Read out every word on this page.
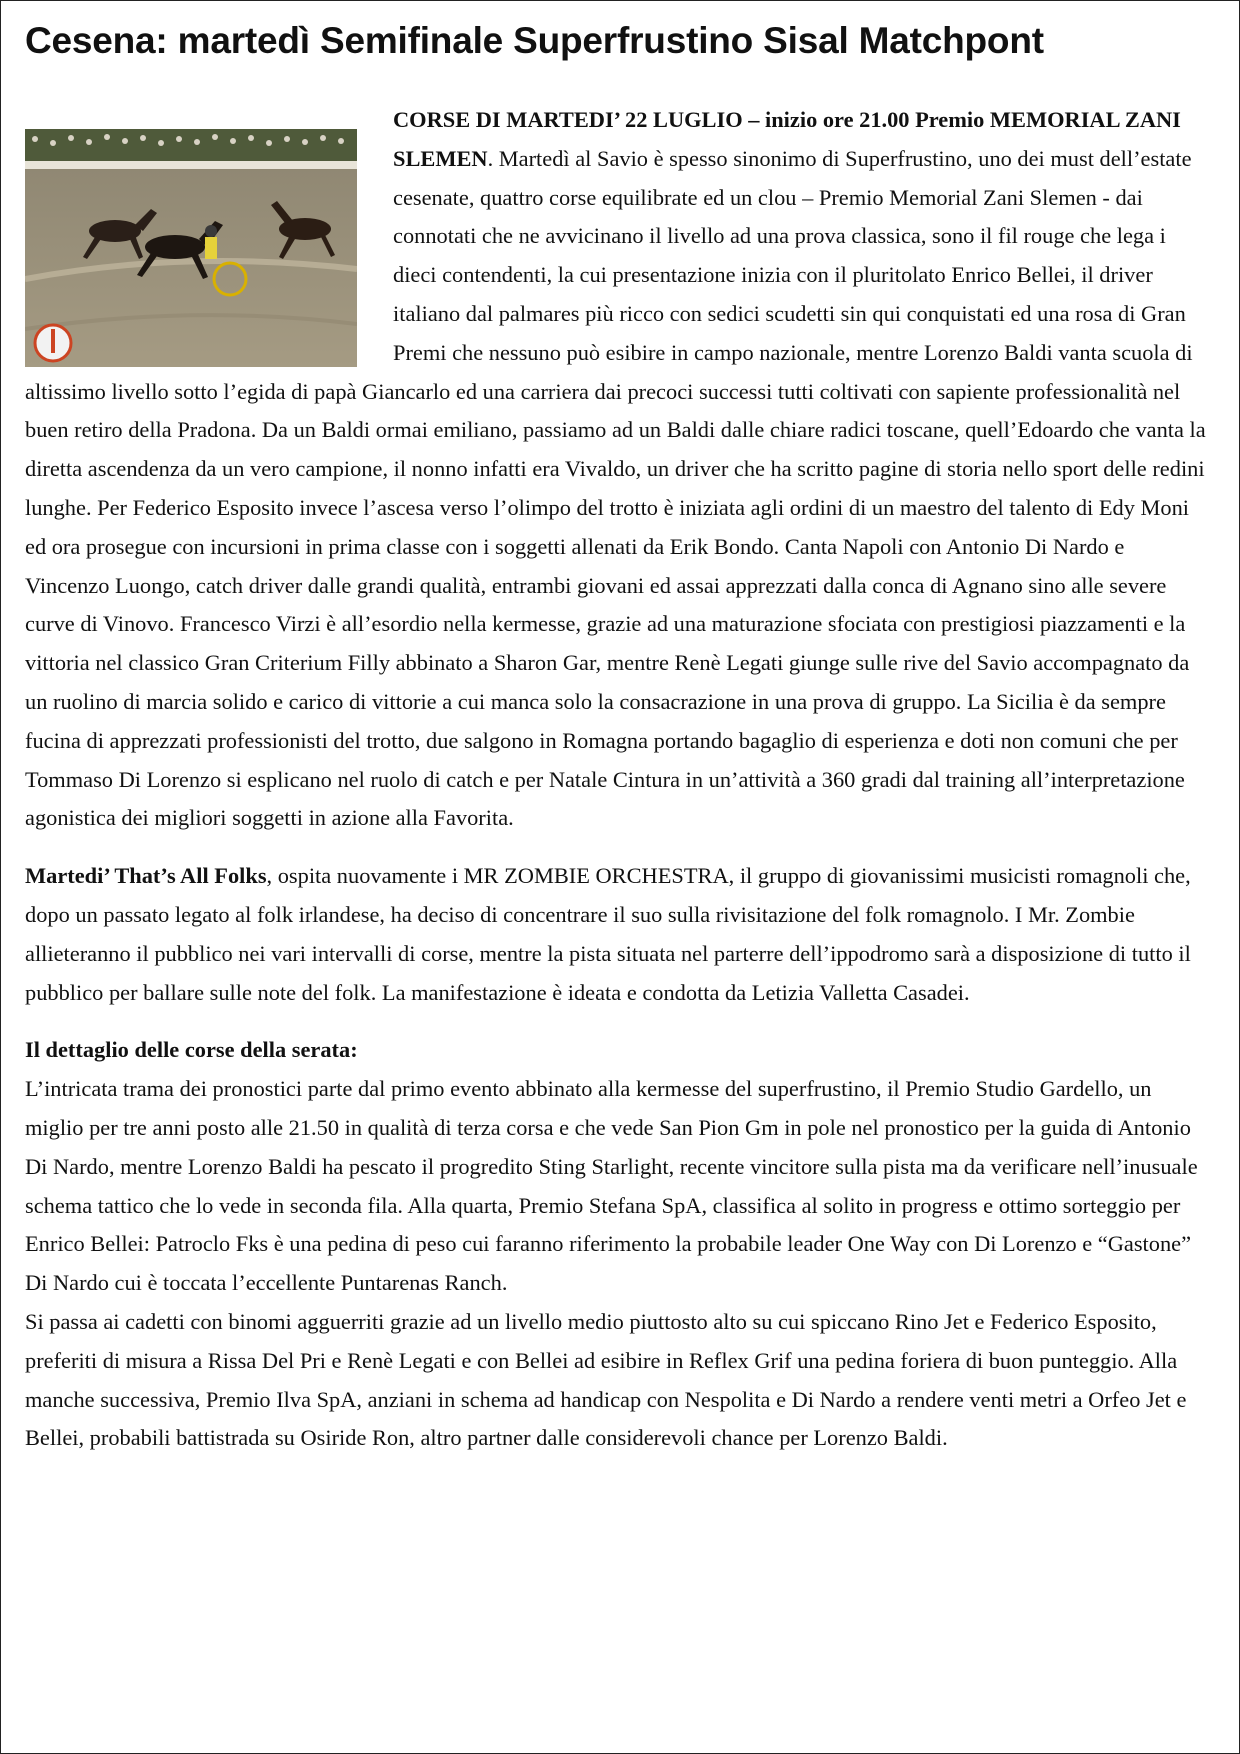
Cesena: martedì Semifinale Superfrustino Sisal Matchpont

CORSE DI MARTEDI’ 22 LUGLIO – inizio ore 21.00 Premio MEMORIAL ZANI SLEMEN. Martedì al Savio è spesso sinonimo di Superfrustino, uno dei must dell’estate cesenate, quattro corse equilibrate ed un clou – Premio Memorial Zani Slemen - dai connotati che ne avvicinano il livello ad una prova classica, sono il fil rouge che lega i dieci contendenti, la cui presentazione inizia con il pluritolato Enrico Bellei, il driver italiano dal palmares più ricco con sedici scudetti sin qui conquistati ed una rosa di Gran Premi che nessuno può esibire in campo nazionale, mentre Lorenzo Baldi vanta scuola di altissimo livello sotto l’egida di papà Giancarlo ed una carriera dai precoci successi tutti coltivati con sapiente professionalità nel buen retiro della Pradona. Da un Baldi ormai emiliano, passiamo ad un Baldi dalle chiare radici toscane, quell’Edoardo che vanta la diretta ascendenza da un vero campione, il nonno infatti era Vivaldo, un driver che ha scritto pagine di storia nello sport delle redini lunghe. Per Federico Esposito invece l’ascesa verso l’olimpo del trotto è iniziata agli ordini di un maestro del talento di Edy Moni ed ora prosegue con incursioni in prima classe con i soggetti allenati da Erik Bondo. Canta Napoli con Antonio Di Nardo e Vincenzo Luongo, catch driver dalle grandi qualità, entrambi giovani ed assai apprezzati dalla conca di Agnano sino alle severe curve di Vinovo. Francesco Virzi è all’esordio nella kermesse, grazie ad una maturazione sfociata con prestigiosi piazzamenti e la vittoria nel classico Gran Criterium Filly abbinato a Sharon Gar, mentre Renè Legati giunge sulle rive del Savio accompagnato da un ruolino di marcia solido e carico di vittorie a cui manca solo la consacrazione in una prova di gruppo. La Sicilia è da sempre fucina di apprezzati professionisti del trotto, due salgono in Romagna portando bagaglio di esperienza e doti non comuni che per Tommaso Di Lorenzo si esplicano nel ruolo di catch e per Natale Cintura in un’attività a 360 gradi dal training all’interpretazione agonistica dei migliori soggetti in azione alla Favorita.

Martedi’ That’s All Folks, ospita nuovamente i MR ZOMBIE ORCHESTRA, il gruppo di giovanissimi musicisti romagnoli che, dopo un passato legato al folk irlandese, ha deciso di concentrare il suo sulla rivisitazione del folk romagnolo. I Mr. Zombie allieteranno il pubblico nei vari intervalli di corse, mentre la pista situata nel parterre dell’ippodromo sarà a disposizione di tutto il pubblico per ballare sulle note del folk. La manifestazione è ideata e condotta da Letizia Valletta Casadei.

Il dettaglio delle corse della serata:
L’intricata trama dei pronostici parte dal primo evento abbinato alla kermesse del superfrustino, il Premio Studio Gardello, un miglio per tre anni posto alle 21.50 in qualità di terza corsa e che vede San Pion Gm in pole nel pronostico per la guida di Antonio Di Nardo, mentre Lorenzo Baldi ha pescato il progredito Sting Starlight, recente vincitore sulla pista ma da verificare nell’inusuale schema tattico che lo vede in seconda fila. Alla quarta, Premio Stefana SpA, classifica al solito in progress e ottimo sorteggio per Enrico Bellei: Patroclo Fks è una pedina di peso cui faranno riferimento la probabile leader One Way con Di Lorenzo e “Gastone” Di Nardo cui è toccata l’eccellente Puntarenas Ranch.
Si passa ai cadetti con binomi agguerriti grazie ad un livello medio piuttosto alto su cui spiccano Rino Jet e Federico Esposito, preferiti di misura a Rissa Del Pri e Renè Legati e con Bellei ad esibire in Reflex Grif una pedina foriera di buon punteggio. Alla manche successiva, Premio Ilva SpA, anziani in schema ad handicap con Nespolita e Di Nardo a rendere venti metri a Orfeo Jet e Bellei, probabili battistrada su Osiride Ron, altro partner dalle considerevoli chance per Lorenzo Baldi.
